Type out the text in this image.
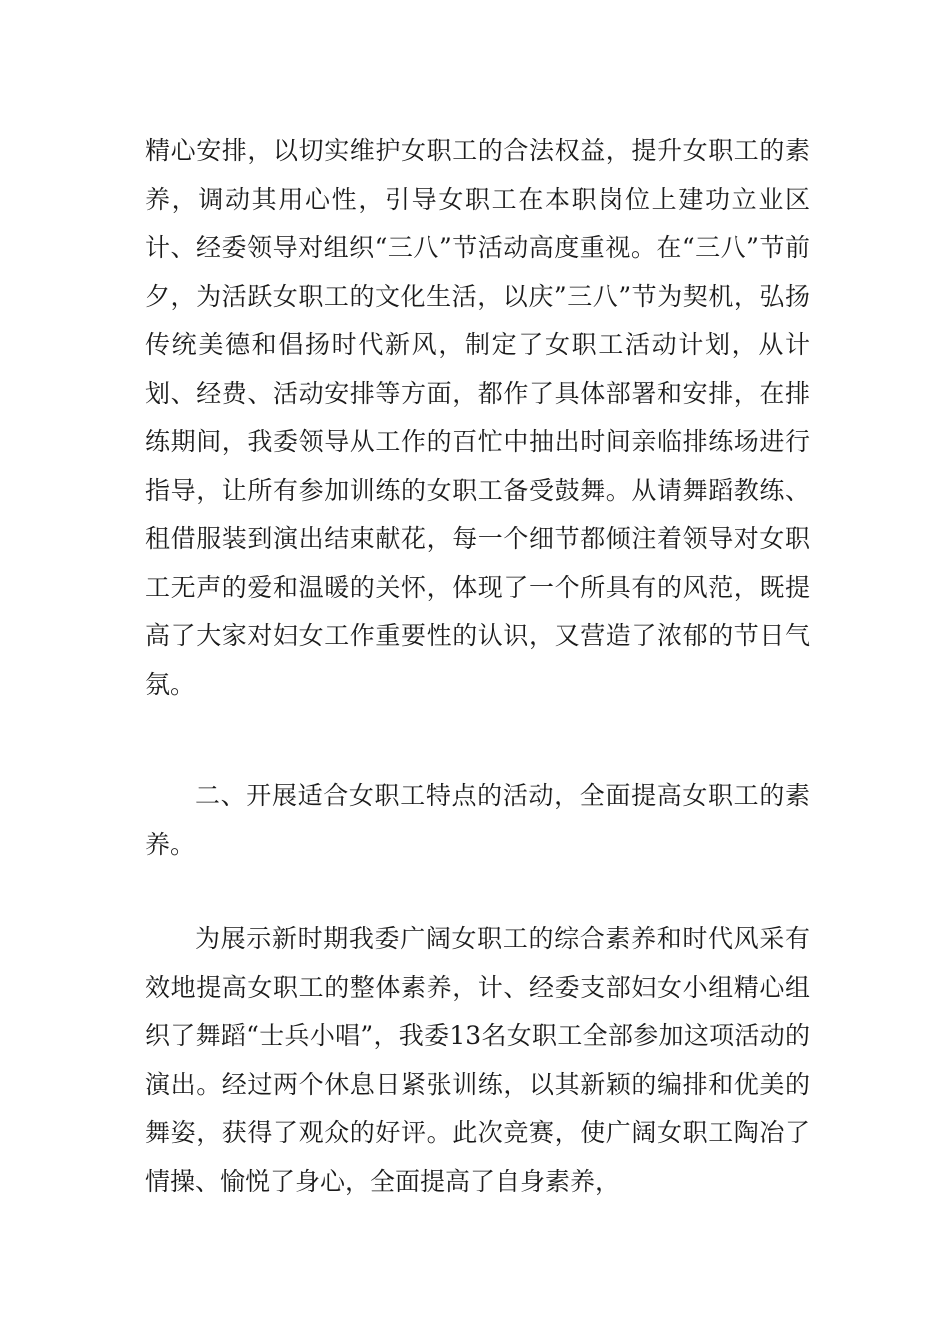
精心安排，以切实维护女职工的合法权益，提升女职工的素养，调动其用心性，引导女职工在本职岗位上建功立业区计、经委领导对组织“三八”节活动高度重视。在“三八”节前夕，为活跃女职工的文化生活，以庆”三八”节为契机，弘扬传统美德和倡扬时代新风，制定了女职工活动计划，从计划、经费、活动安排等方面，都作了具体部署和安排，在排练期间，我委领导从工作的百忙中抽出时间亲临排练场进行指导，让所有参加训练的女职工备受鼓舞。从请舞蹈教练、租借服装到演出结束献花，每一个细节都倾注着领导对女职工无声的爱和温暖的关怀，体现了一个所具有的风范，既提高了大家对妇女工作重要性的认识，又营造了浓郁的节日气氛。

二、开展适合女职工特点的活动，全面提高女职工的素养。

为展示新时期我委广阔女职工的综合素养和时代风采有效地提高女职工的整体素养，计、经委支部妇女小组精心组织了舞蹈“士兵小唱”，我委13名女职工全部参加这项活动的演出。经过两个休息日紧张训练，以其新颖的编排和优美的舞姿，获得了观众的好评。此次竞赛，使广阔女职工陶冶了情操、愉悦了身心，全面提高了自身素养，
